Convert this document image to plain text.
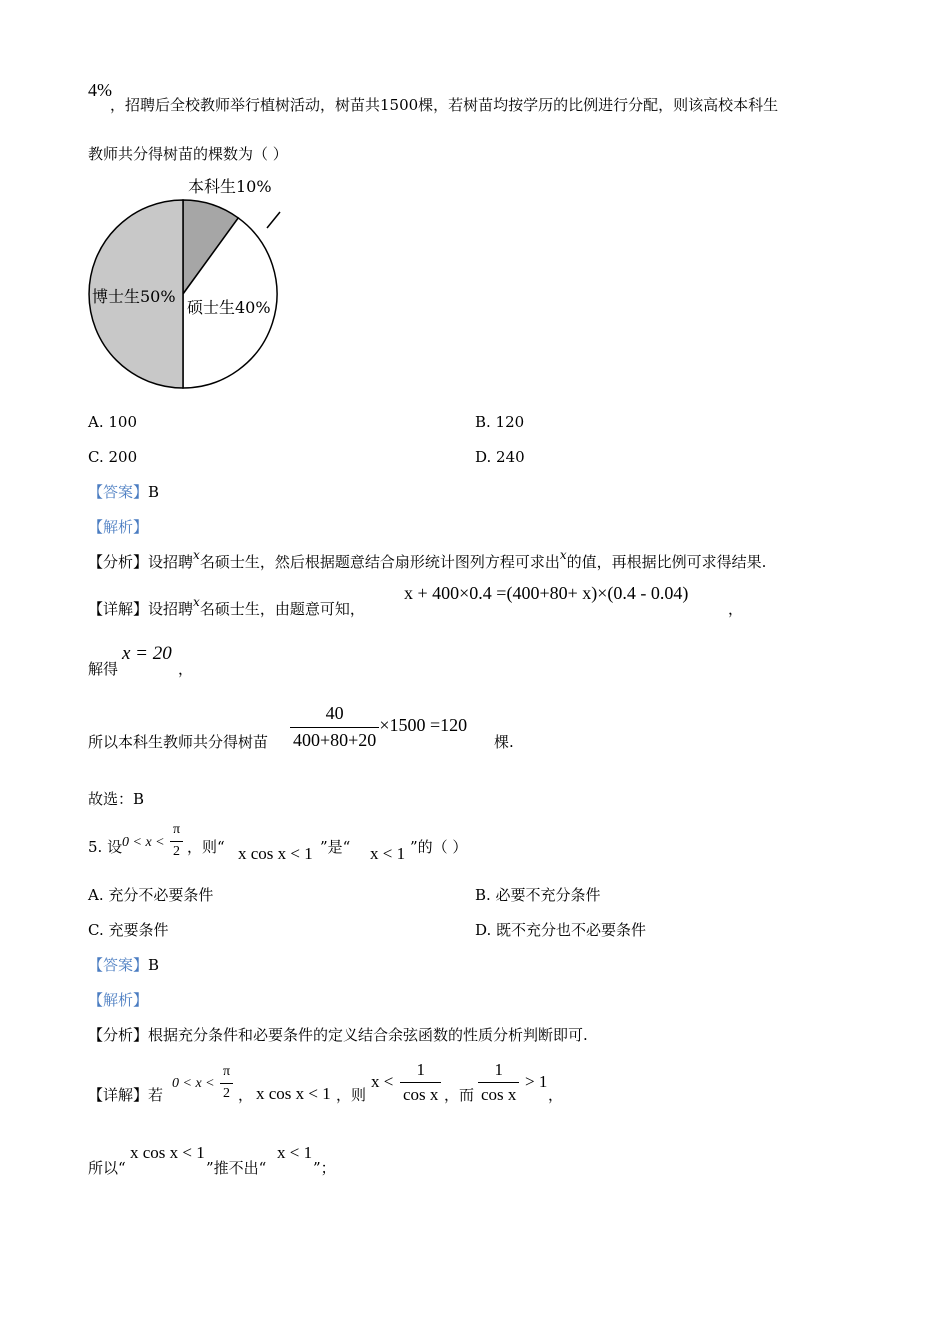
4%
，招聘后全校教师举行植树活动，树苗共1500棵，若树苗均按学历的比例进行分配，则该高校本科生
教师共分得树苗的棵数为（ ）
本科生10%
硕士生40%
博士生50%
A. 100	B. 120
C. 200	D. 240
【答案】B
【解析】
【分析】设招聘$^x$名硕士生，然后根据题意结合扇形统计图列方程可求出$^x$的值，再根据比例可求得结果.
【详解】设招聘$^x$名硕士生，由题意可知，
x + 400×0.4 =(400+80+ x)×(0.4 - 0.04)
，
解得
x = 20
，
所以本科生教师共分得树苗 $\frac{40}{400+80+20} \times 1500 =120$
棵.
故选：B
5. 设 $0 < x < \frac{\pi}{2}$ ，则“ x cos x < 1 ”是“ x < 1 ”的（ ）
A. 充分不必要条件	B. 必要不充分条件
C. 充要条件	D. 既不充分也不必要条件
【答案】B
【解析】
【分析】根据充分条件和必要条件的定义结合余弦函数的性质分析判断即可.
【详解】若
$0 < x < \frac{\pi}{2}$ ， x cos x < 1 ，则
$x < \frac{1}{\text{cos x}}$ ，而 $\frac{1}{\text{cos x}} > 1$
，
所以“
x cos x < 1
”推不出“
x < 1
”；
